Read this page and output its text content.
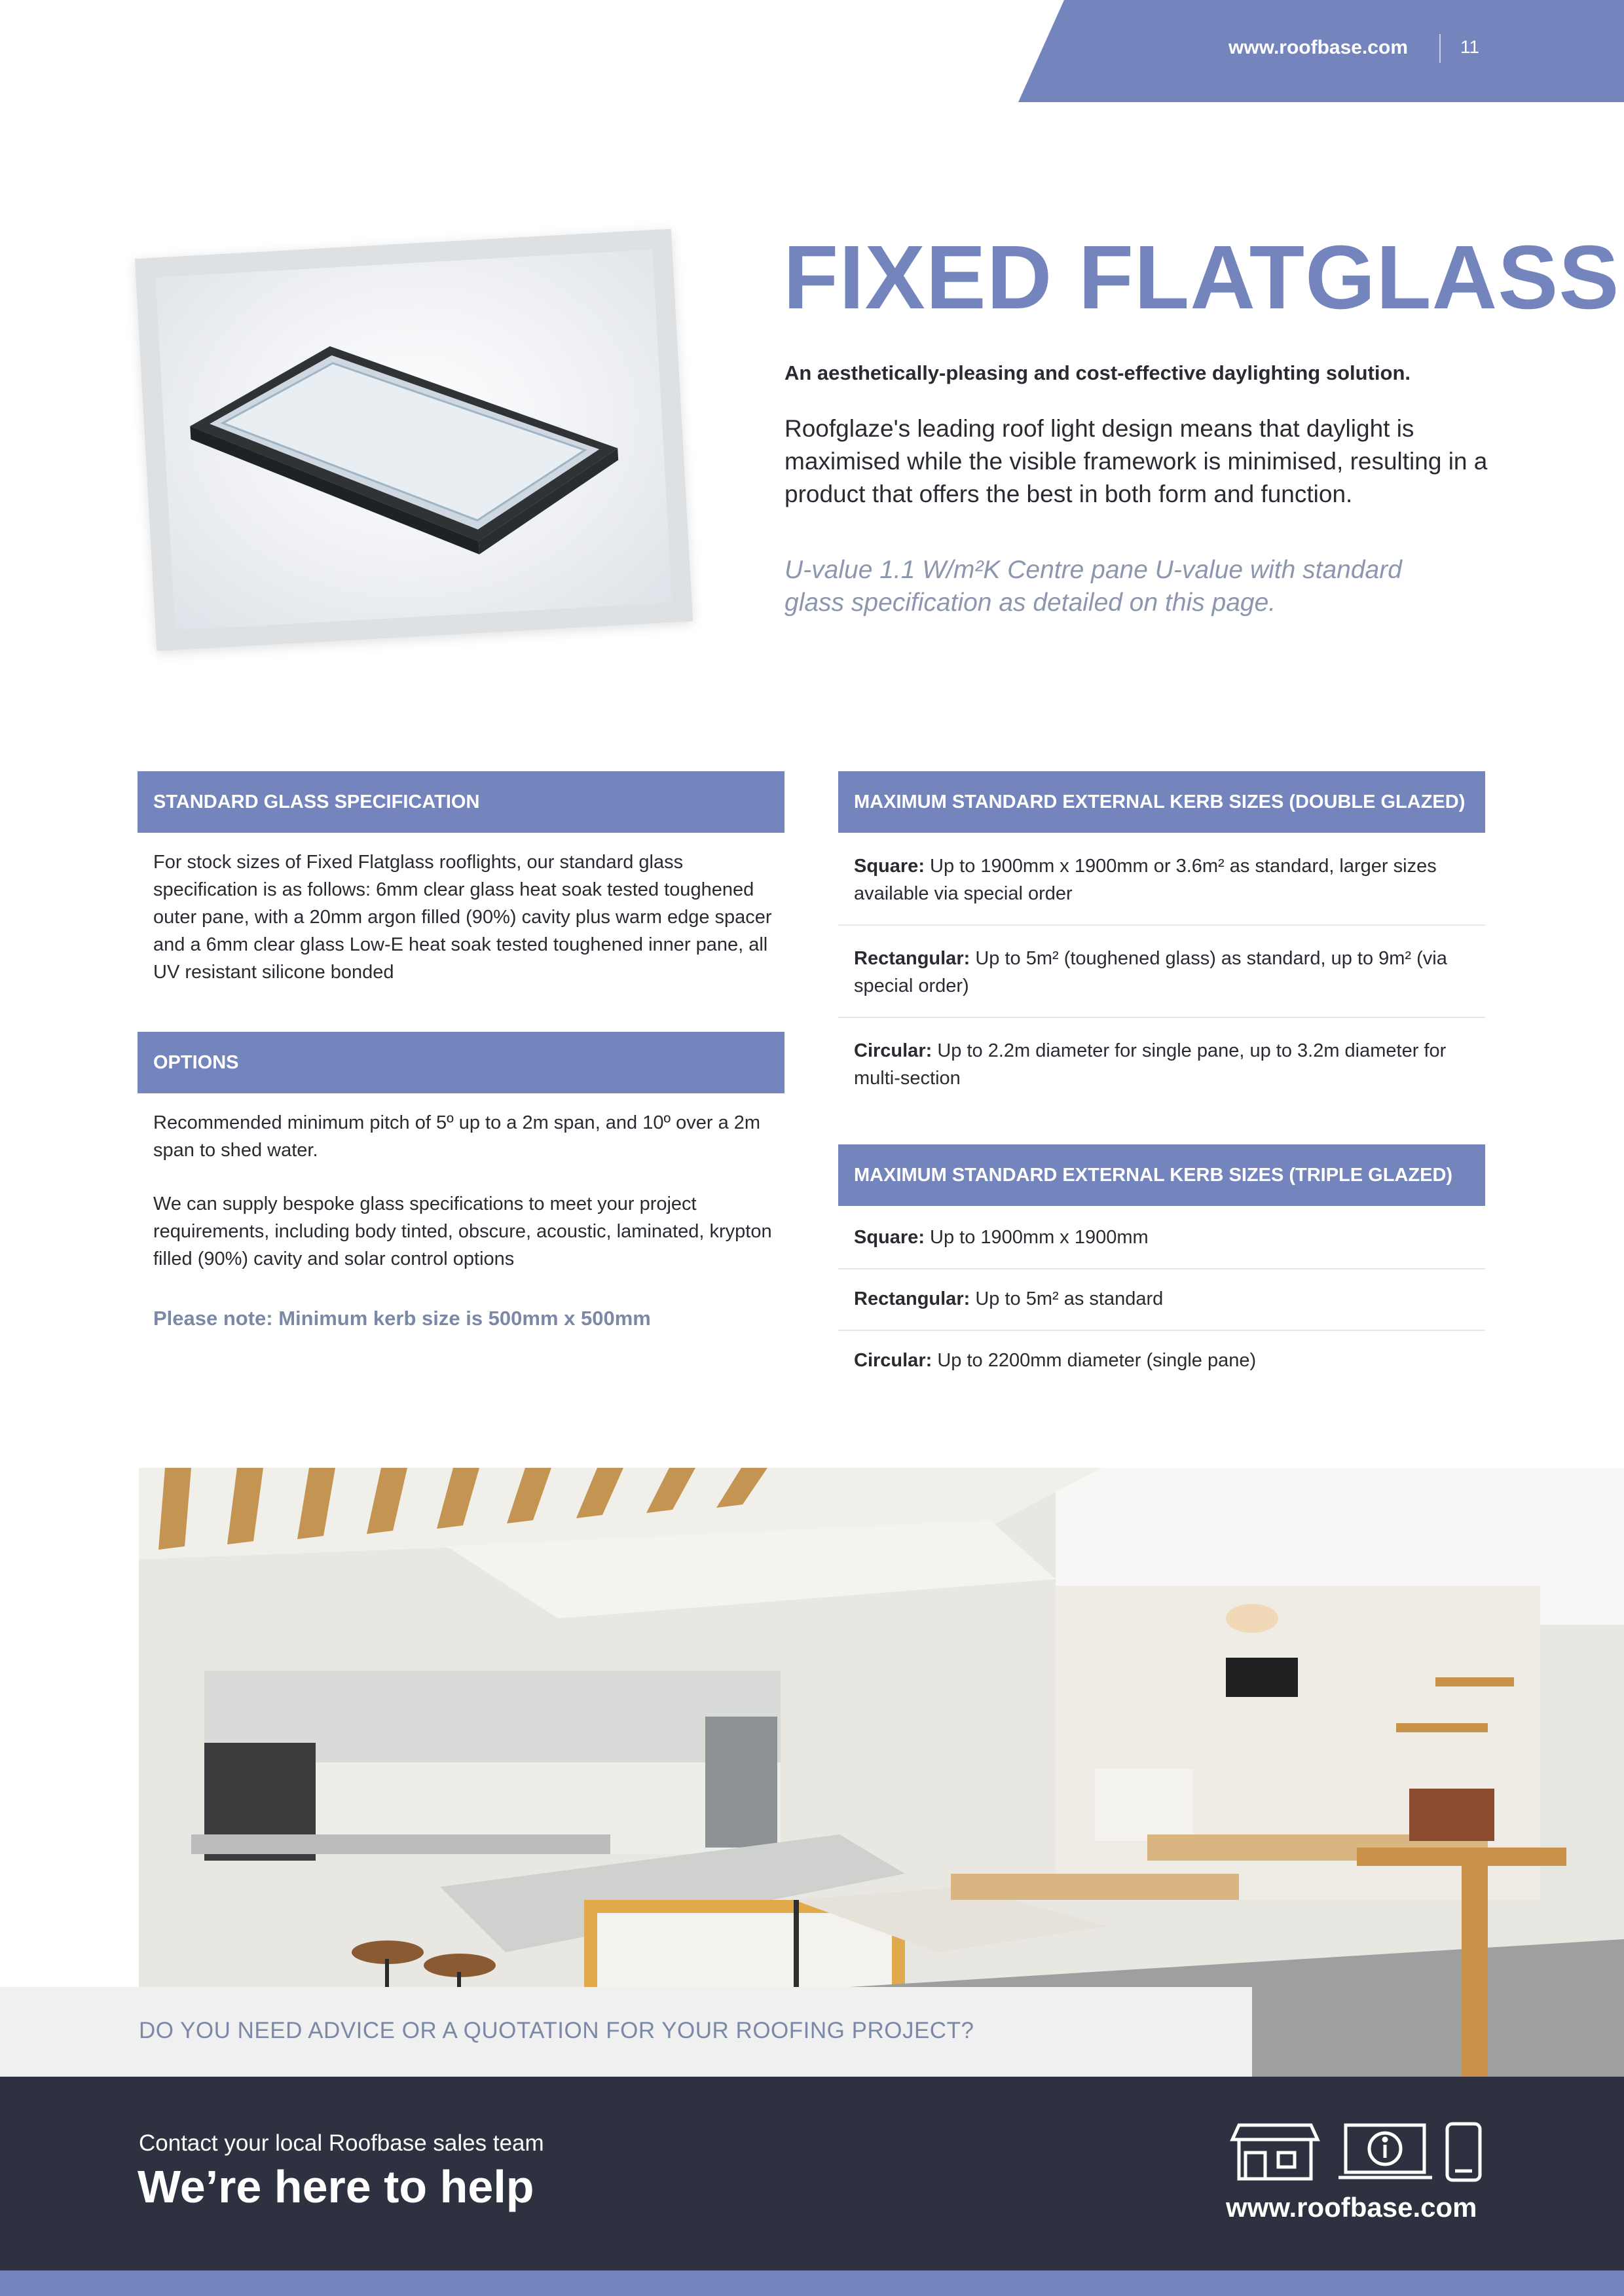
www.roofbase.com	11
FIXED FLATGLASS
An aesthetically-pleasing and cost-effective daylighting solution.
Roofglaze's leading roof light design means that daylight is maximised while the visible framework is minimised, resulting in a product that offers the best in both form and function.
U-value 1.1 W/m²K Centre pane U-value with standard glass specification as detailed on this page.
STANDARD GLASS SPECIFICATION
For stock sizes of Fixed Flatglass rooflights, our standard glass specification is as follows: 6mm clear glass heat soak tested toughened outer pane, with a 20mm argon filled (90%) cavity plus warm edge spacer and a 6mm clear glass Low-E heat soak tested toughened inner pane, all UV resistant silicone bonded
OPTIONS
Recommended minimum pitch of 5º up to a 2m span, and 10º over a 2m span to shed water.
We can supply bespoke glass specifications to meet your project requirements, including body tinted, obscure, acoustic, laminated, krypton filled (90%) cavity and solar control options
Please note: Minimum kerb size is 500mm x 500mm
MAXIMUM STANDARD EXTERNAL KERB SIZES (DOUBLE GLAZED)
Square: Up to 1900mm x 1900mm or 3.6m² as standard, larger sizes available via special order
Rectangular: Up to 5m² (toughened glass) as standard, up to 9m² (via special order)
Circular: Up to 2.2m diameter for single pane, up to 3.2m diameter for multi-section
MAXIMUM STANDARD EXTERNAL KERB SIZES (TRIPLE GLAZED)
Square: Up to 1900mm x 1900mm
Rectangular: Up to 5m² as standard
Circular: Up to 2200mm diameter (single pane)
DO YOU NEED ADVICE OR A QUOTATION FOR YOUR ROOFING PROJECT?
Contact your local Roofbase sales team
We’re here to help	www.roofbase.com
